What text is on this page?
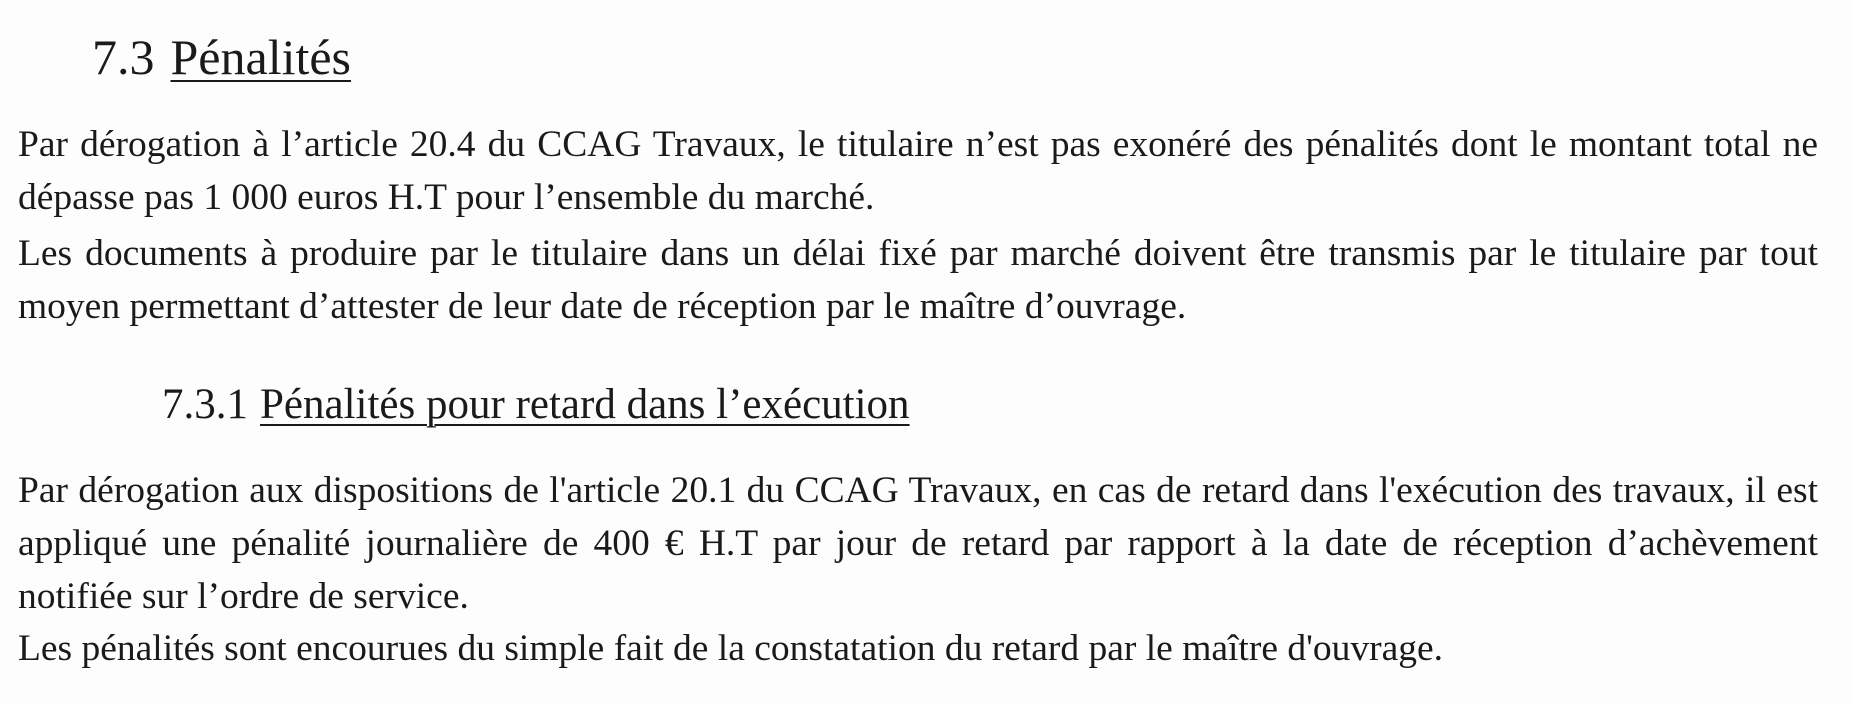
7.3 Pénalités

Par dérogation à l’article 20.4 du CCAG Travaux, le titulaire n’est pas exonéré des pénalités dont le montant total ne dépasse pas 1 000 euros H.T pour l’ensemble du marché.

Les documents à produire par le titulaire dans un délai fixé par marché doivent être transmis par le titulaire par tout moyen permettant d’attester de leur date de réception par le maître d’ouvrage.

7.3.1 Pénalités pour retard dans l’exécution

Par dérogation aux dispositions de l'article 20.1 du CCAG Travaux, en cas de retard dans l'exécution des travaux, il est appliqué une pénalité journalière de 400 € H.T par jour de retard par rapport à la date de réception d’achèvement notifiée sur l’ordre de service.

Les pénalités sont encourues du simple fait de la constatation du retard par le maître d'ouvrage.
